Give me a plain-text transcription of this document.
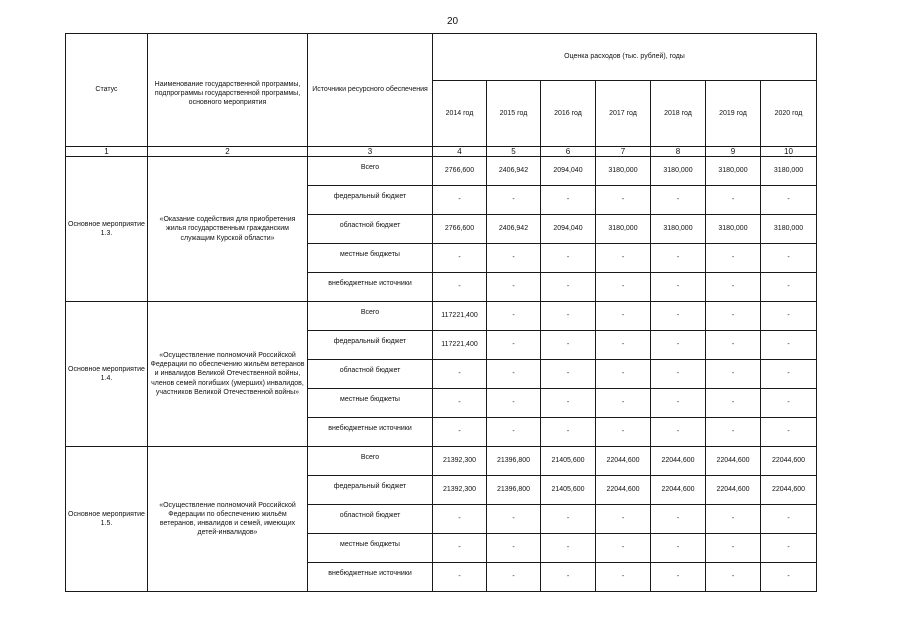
20
Статус	Наименование государственной программы, подпрограммы государственной программы, основного мероприятия	Источники ресурсного обеспечения	Оценка расходов (тыс. рублей), годы						
			2014 год	2015 год	2016 год	2017 год	2018 год	2019 год	2020 год
1	2	3	4	5	6	7	8	9	10
Основное мероприятие 1.3.	«Оказание содействия для приобретения жилья государственным гражданским служащим Курской области»	Всего	2766,600	2406,942	2094,040	3180,000	3180,000	3180,000	3180,000
		федеральный бюджет	-	-	-	-	-	-	-
		областной бюджет	2766,600	2406,942	2094,040	3180,000	3180,000	3180,000	3180,000
		местные бюджеты	-	-	-	-	-	-	-
		внебюджетные источники	-	-	-	-	-	-	-
Основное мероприятие 1.4.	«Осуществление полномочий Российской Федерации по обеспечению жильём ветеранов и инвалидов Великой Отечественной войны, членов семей погибших (умерших) инвалидов, участников Великой Отечественной войны»	Всего	117221,400	-	-	-	-	-	-
		федеральный бюджет	117221,400	-	-	-	-	-	-
		областной бюджет	-	-	-	-	-	-	-
		местные бюджеты	-	-	-	-	-	-	-
		внебюджетные источники	-	-	-	-	-	-	-
Основное мероприятие 1.5.	«Осуществление полномочий Российской Федерации по обеспечению жильём ветеранов, инвалидов и семей, имеющих детей-инвалидов»	Всего	21392,300	21396,800	21405,600	22044,600	22044,600	22044,600	22044,600
		федеральный бюджет	21392,300	21396,800	21405,600	22044,600	22044,600	22044,600	22044,600
		областной бюджет	-	-	-	-	-	-	-
		местные бюджеты	-	-	-	-	-	-	-
		внебюджетные источники	-	-	-	-	-	-	-
